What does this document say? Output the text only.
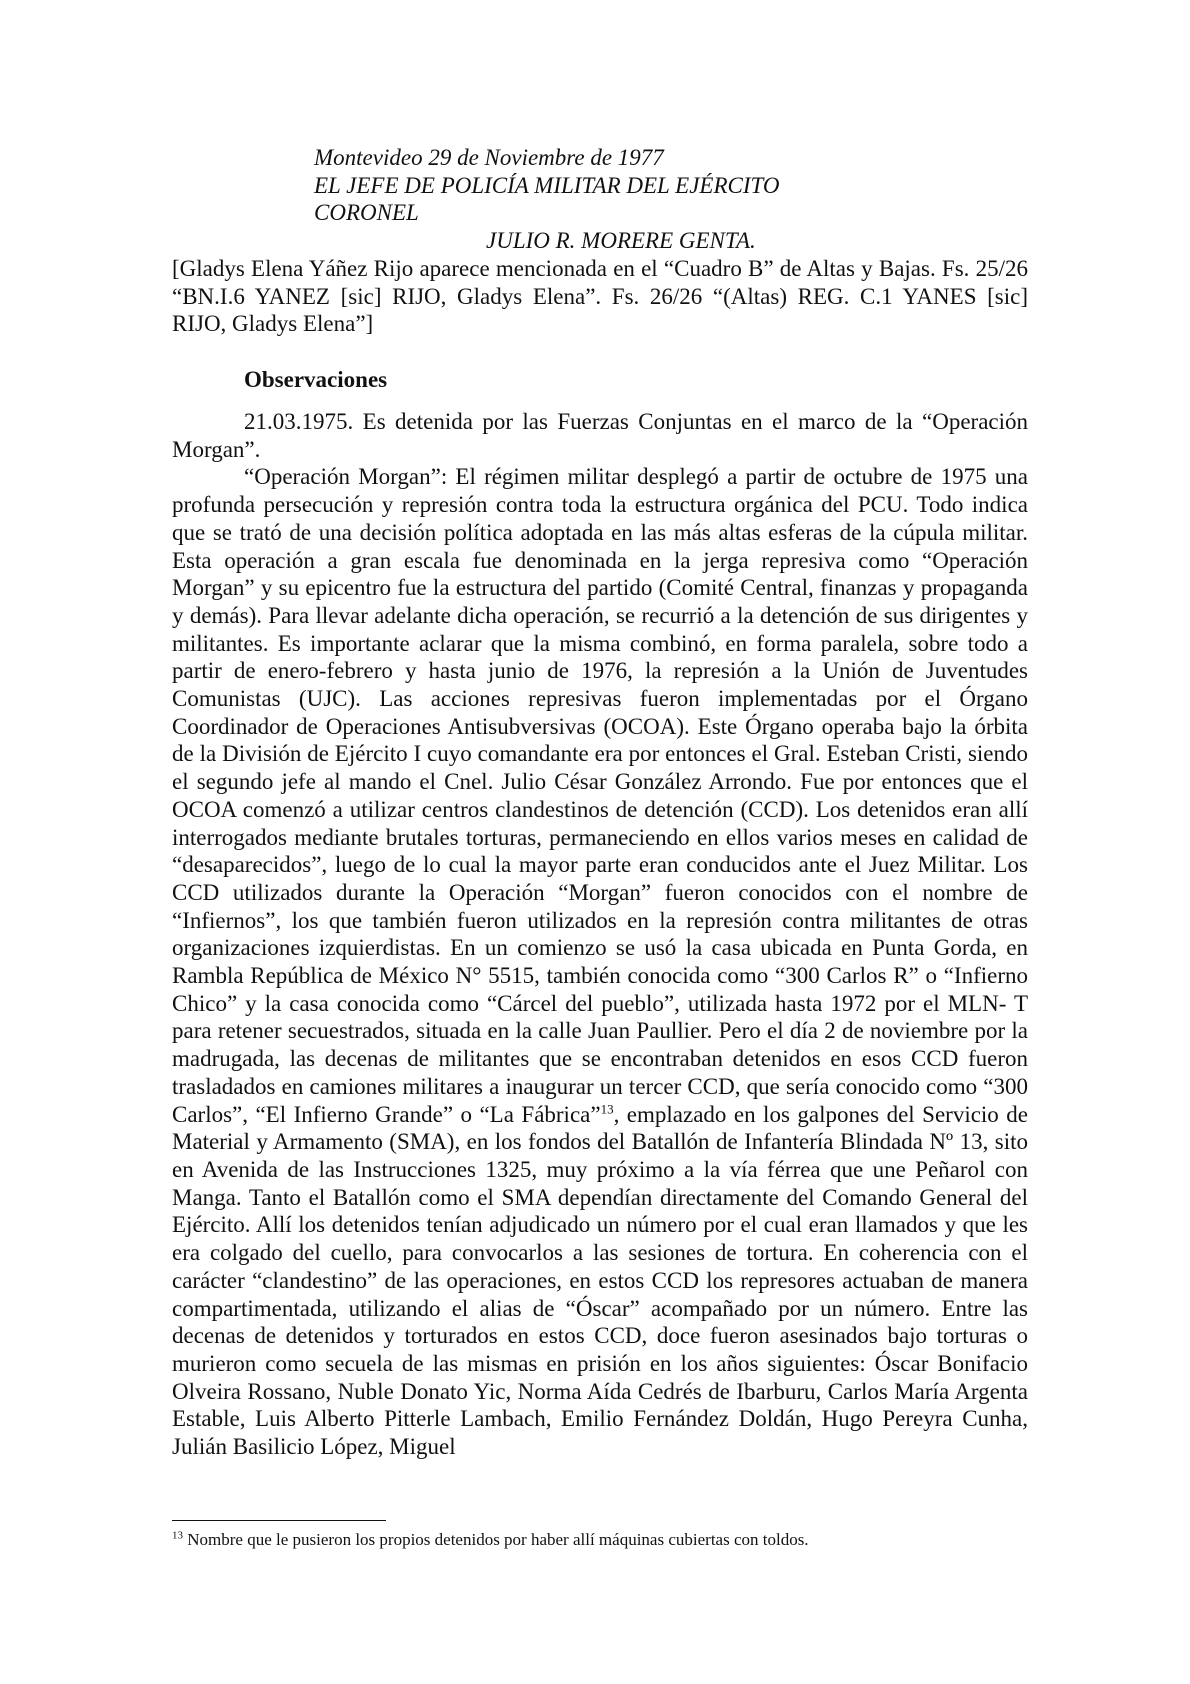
Montevideo 29 de Noviembre de 1977
EL JEFE DE POLICÍA MILITAR DEL EJÉRCITO
CORONEL
JULIO R. MORERE GENTA.

[Gladys Elena Yáñez Rijo aparece mencionada en el “Cuadro B” de Altas y Bajas. Fs. 25/26 “BN.I.6 YANEZ [sic] RIJO, Gladys Elena”. Fs. 26/26 “(Altas) REG. C.1 YANES [sic] RIJO, Gladys Elena”]

Observaciones

21.03.1975. Es detenida por las Fuerzas Conjuntas en el marco de la “Operación Morgan”.

“Operación Morgan”: El régimen militar desplegó a partir de octubre de 1975 una profunda persecución y represión contra toda la estructura orgánica del PCU. Todo indica que se trató de una decisión política adoptada en las más altas esferas de la cúpula militar. Esta operación a gran escala fue denominada en la jerga represiva como “Operación Morgan” y su epicentro fue la estructura del partido (Comité Central, finanzas y propaganda y demás). Para llevar adelante dicha operación, se recurrió a la detención de sus dirigentes y militantes. Es importante aclarar que la misma combinó, en forma paralela, sobre todo a partir de enero-febrero y hasta junio de 1976, la represión a la Unión de Juventudes Comunistas (UJC). Las acciones represivas fueron implementadas por el Órgano Coordinador de Operaciones Antisubversivas (OCOA). Este Órgano operaba bajo la órbita de la División de Ejército I cuyo comandante era por entonces el Gral. Esteban Cristi, siendo el segundo jefe al mando el Cnel. Julio César González Arrondo. Fue por entonces que el OCOA comenzó a utilizar centros clandestinos de detención (CCD). Los detenidos eran allí interrogados mediante brutales torturas, permaneciendo en ellos varios meses en calidad de “desaparecidos”, luego de lo cual la mayor parte eran conducidos ante el Juez Militar. Los CCD utilizados durante la Operación “Morgan” fueron conocidos con el nombre de “Infiernos”, los que también fueron utilizados en la represión contra militantes de otras organizaciones izquierdistas. En un comienzo se usó la casa ubicada en Punta Gorda, en Rambla República de México N° 5515, también conocida como “300 Carlos R” o “Infierno Chico” y la casa conocida como “Cárcel del pueblo”, utilizada hasta 1972 por el MLN- T para retener secuestrados, situada en la calle Juan Paullier. Pero el día 2 de noviembre por la madrugada, las decenas de militantes que se encontraban detenidos en esos CCD fueron trasladados en camiones militares a inaugurar un tercer CCD, que sería conocido como “300 Carlos”, “El Infierno Grande” o “La Fábrica”$^{13}$, emplazado en los galpones del Servicio de Material y Armamento (SMA), en los fondos del Batallón de Infantería Blindada Nº 13, sito en Avenida de las Instrucciones 1325, muy próximo a la vía férrea que une Peñarol con Manga. Tanto el Batallón como el SMA dependían directamente del Comando General del Ejército. Allí los detenidos tenían adjudicado un número por el cual eran llamados y que les era colgado del cuello, para convocarlos a las sesiones de tortura. En coherencia con el carácter “clandestino” de las operaciones, en estos CCD los represores actuaban de manera compartimentada, utilizando el alias de “Óscar” acompañado por un número. Entre las decenas de detenidos y torturados en estos CCD, doce fueron asesinados bajo torturas o murieron como secuela de las mismas en prisión en los años siguientes: Óscar Bonifacio Olveira Rossano, Nuble Donato Yic, Norma Aída Cedrés de Ibarburu, Carlos María Argenta Estable, Luis Alberto Pitterle Lambach, Emilio Fernández Doldán, Hugo Pereyra Cunha, Julián Basilicio López, Miguel

$^{13}$ Nombre que le pusieron los propios detenidos por haber allí máquinas cubiertas con toldos.
